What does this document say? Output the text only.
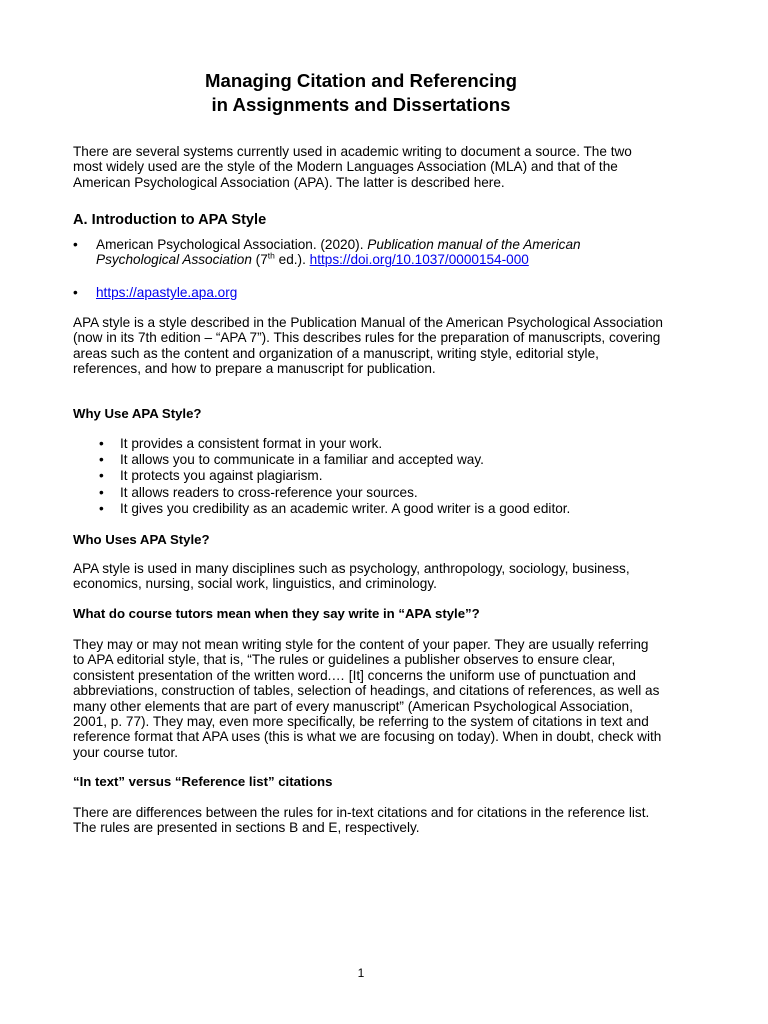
Managing Citation and Referencing
in Assignments and Dissertations

There are several systems currently used in academic writing to document a source. The two most widely used are the style of the Modern Languages Association (MLA) and that of the American Psychological Association (APA). The latter is described here.

A. Introduction to APA Style
• American Psychological Association. (2020). Publication manual of the American Psychological Association (7th ed.). https://doi.org/10.1037/0000154-000
• https://apastyle.apa.org

APA style is a style described in the Publication Manual of the American Psychological Association (now in its 7th edition – “APA 7”). This describes rules for the preparation of manuscripts, covering areas such as the content and organization of a manuscript, writing style, editorial style, references, and how to prepare a manuscript for publication.

Why Use APA Style?
• It provides a consistent format in your work.
• It allows you to communicate in a familiar and accepted way.
• It protects you against plagiarism.
• It allows readers to cross-reference your sources.
• It gives you credibility as an academic writer. A good writer is a good editor.
Who Uses APA Style?

APA style is used in many disciplines such as psychology, anthropology, sociology, business, economics, nursing, social work, linguistics, and criminology.

What do course tutors mean when they say write in “APA style”?

They may or may not mean writing style for the content of your paper. They are usually referring to APA editorial style, that is, “The rules or guidelines a publisher observes to ensure clear, consistent presentation of the written word.… [It] concerns the uniform use of punctuation and abbreviations, construction of tables, selection of headings, and citations of references, as well as many other elements that are part of every manuscript” (American Psychological Association, 2001, p. 77). They may, even more specifically, be referring to the system of citations in text and reference format that APA uses (this is what we are focusing on today). When in doubt, check with your course tutor.

“In text” versus “Reference list” citations

There are differences between the rules for in-text citations and for citations in the reference list. The rules are presented in sections B and E, respectively.

1
